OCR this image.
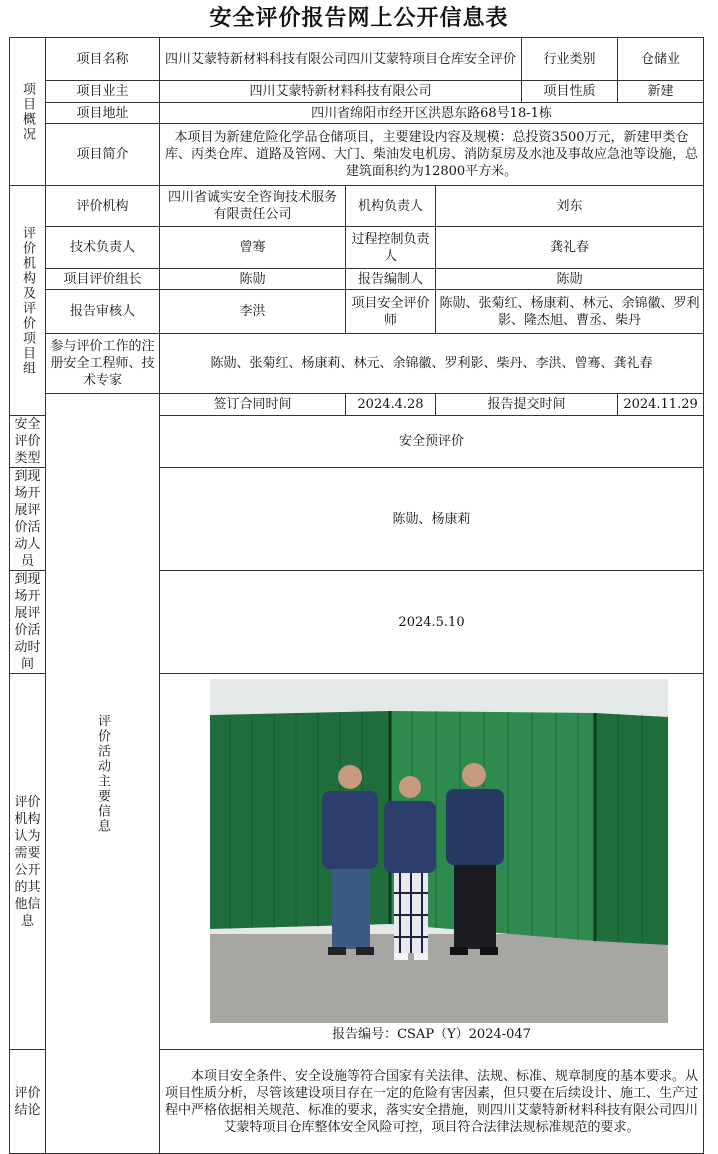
安全评价报告网上公开信息表
项目概况	项目名称	四川艾蒙特新材料科技有限公司四川艾蒙特项目仓库安全评价			行业类别	仓储业
	项目业主	四川艾蒙特新材料科技有限公司			项目性质	新建
	项目地址	四川省绵阳市经开区洪恩东路68号18-1栋				
	项目简介	本项目为新建危险化学品仓储项目，主要建设内容及规模：总投资3500万元，新建甲类仓库、丙类仓库、道路及管网、大门、柴油发电机房、消防泵房及水池及事故应急池等设施，总建筑面积约为12800平方米。				
评价机构及评价项目组	评价机构	四川省诚实安全咨询技术服务有限责任公司	机构负责人	刘东		
	技术负责人	曾骞	过程控制负责人	龚礼春		
	项目评价组长	陈勋	报告编制人	陈勋		
	报告审核人	李洪	项目安全评价师	陈勋、张菊红、杨康莉、林元、余锦徽、罗利影、隆杰旭、曹丞、柴丹		
	参与评价工作的注册安全工程师、技术专家	陈勋、张菊红、杨康莉、林元、余锦徽、罗利影、柴丹、李洪、曾骞、龚礼春				
	评价活动主要信息	签订合同时间	2024.4.28	报告提交时间		2024.11.29
安全评价类型		安全预评价				
到现场开展评价活动人员		陈勋、杨康莉				
到现场开展评价活动时间		2024.5.10				
评价机构认为需要公开的其他信息		报告编号：CSAP（Y）2024-047				

评价结论		本项目安全条件、安全设施等符合国家有关法律、法规、标准、规章制度的基本要求。从项目性质分析，尽管该建设项目存在一定的危险有害因素，但只要在后续设计、施工、生产过程中严格依据相关规范、标准的要求，落实安全措施，则四川艾蒙特新材料科技有限公司四川艾蒙特项目仓库整体安全风险可控，项目符合法律法规标准规范的要求。				
